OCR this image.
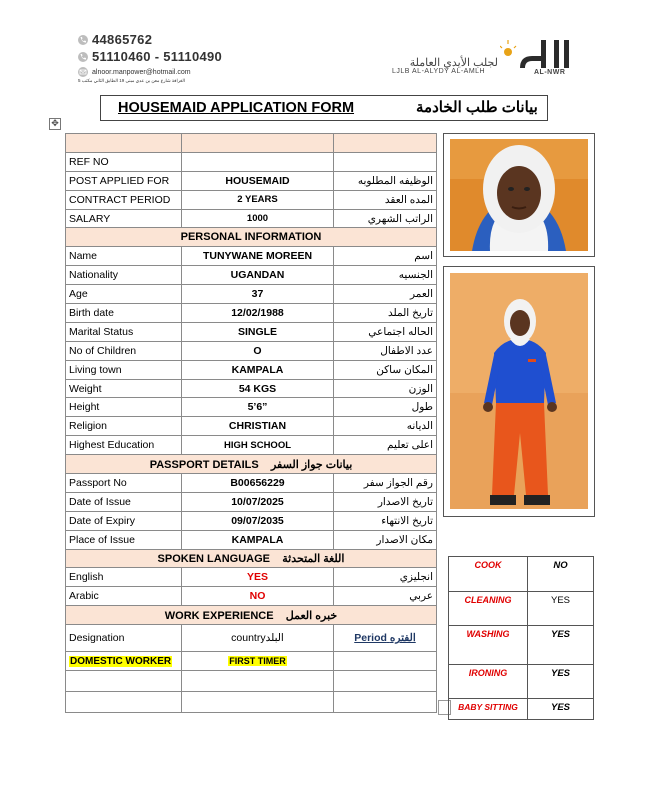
44865762
51110460 - 51110490
alnoor.manpower@hotmail.com
الغرافة شارع معن بن عدي مبنى 19 الطابق الثاني مكتب 5
لجلب الأيدي العاملة
LJLB AL-ALYDY AL-AMLH	AL-NWR
✥
HOUSEMAID APPLICATION FORM	بيانات طلب الخادمة

REF NO		
POST APPLIED FOR	HOUSEMAID	الوظيفه المطلوبه
CONTRACT PERIOD	2 YEARS	المده العقد
SALARY	1000	الراتب الشهري
PERSONAL INFORMATION		
Name	TUNYWANE MOREEN	اسم
Nationality	UGANDAN	الجنسيه
Age	37	العمر
Birth date	12/02/1988	تاريخ الملد
Marital Status	SINGLE	الحاله اجتماعي
No of Children	O	عدد الاطفال
Living town	KAMPALA	المكان ساكن
Weight	54 KGS	الوزن
Height	5’6”	طول
Religion	CHRISTIAN	الديانه
Highest Education	HIGH SCHOOL	اعلى تعليم
PASSPORT DETAILS بيانات جواز السفر		
Passport No	B00656229	رقم الجواز سفر
Date of Issue	10/07/2025	تاريخ الاصدار
Date of Expiry	09/07/2035	تاريخ الانتهاء
Place of Issue	KAMPALA	مكان الاصدار
SPOKEN LANGUAGE اللغة المتحدثة		
English	YES	انجليزي
Arabic	NO	عربي
WORK EXPERIENCE خبره العمل		
Designation	countryالبلد	الفتره Period
DOMESTIC WORKER	FIRST TIMER	

COOK	NO
CLEANING	YES
WASHING	YES
IRONING	YES
BABY SITTING	YES
